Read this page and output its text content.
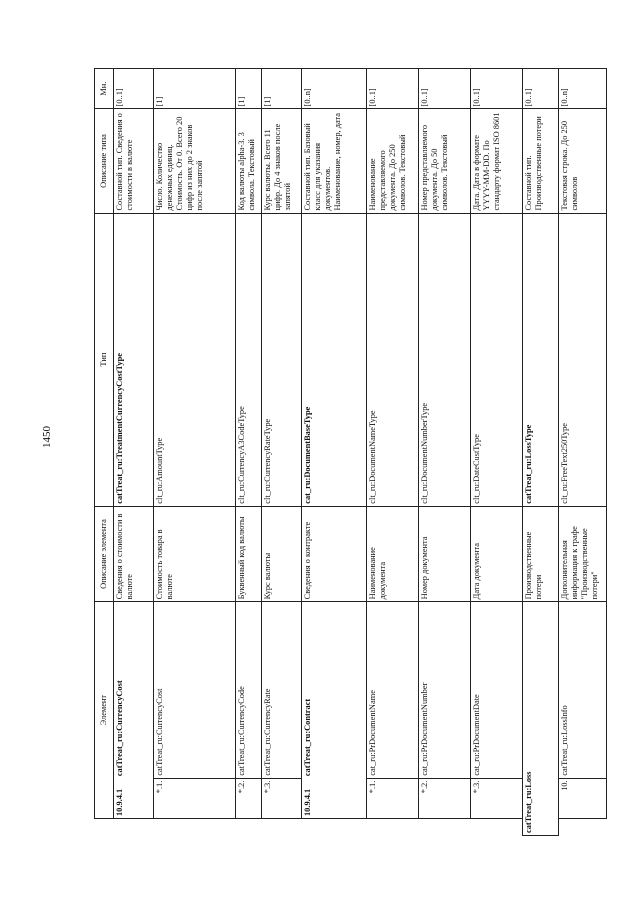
1450
	Элемент		Описание элемента	Тип	Описание типа	Мн.
	10.9.4.1	catTreat_ru:CurrencyCost	Сведения о стоимости в валюте	catTreat_ru:TreatmentCurrencyCostType	Составной тип. Сведения о стоимости в валюте	[0..1]
	*.1.	catTreat_ru:CurrencyCost	Стоимость товара в валюте	clt_ru:AmountType	Число. Количество денежных единиц. Стоимость. От 0. Всего 20 цифр из них до 2 знаков после запятой	[1]
	*.2.	catTreat_ru:CurrencyCode	Буквенный код валюты	clt_ru:CurrencyA3CodeType	Код валюты alpha-3. 3 символа. Текстовый	[1]
	*.3.	catTreat_ru:CurrencyRate	Курс валюты	clt_ru:CurrencyRateType	Курс валюты. Всего 11 цифр. До 4 знаков после запятой	[1]
	10.9.4.1	catTreat_ru:Contract	Сведения о контракте	cat_ru:DocumentBaseType	Составной тип. Базовый класс для указания документов. Наименование, номер, дата	[0..n]
	*.1.	cat_ru:PrDocumentName	Наименование документа	clt_ru:DocumentNameType	Наименование представляемого документа. До 250 символов. Текстовый	[0..1]
	*.2.	cat_ru:PrDocumentNumber	Номер документа	clt_ru:DocumentNumberType	Номер представляемого документа. До 50 символов. Текстовый	[0..1]
	*.3.	cat_ru:PrDocumentDate	Дата документа	clt_ru:DateCustType	Дата. Дата в формате YYYY-MM-DD. По стандарту формат ISO 8601	[0..1]
catTreat_ru:Loss			Производственные потери	catTreat_ru:LossType	Составной тип. Производственные потери	[0..1]
	10.	catTreat_ru:LossInfo	Дополнительная информация к графе "Производственные потери"	clt_ru:FreeText250Type	Текстовая строка. До 250 символов	[0..n]
